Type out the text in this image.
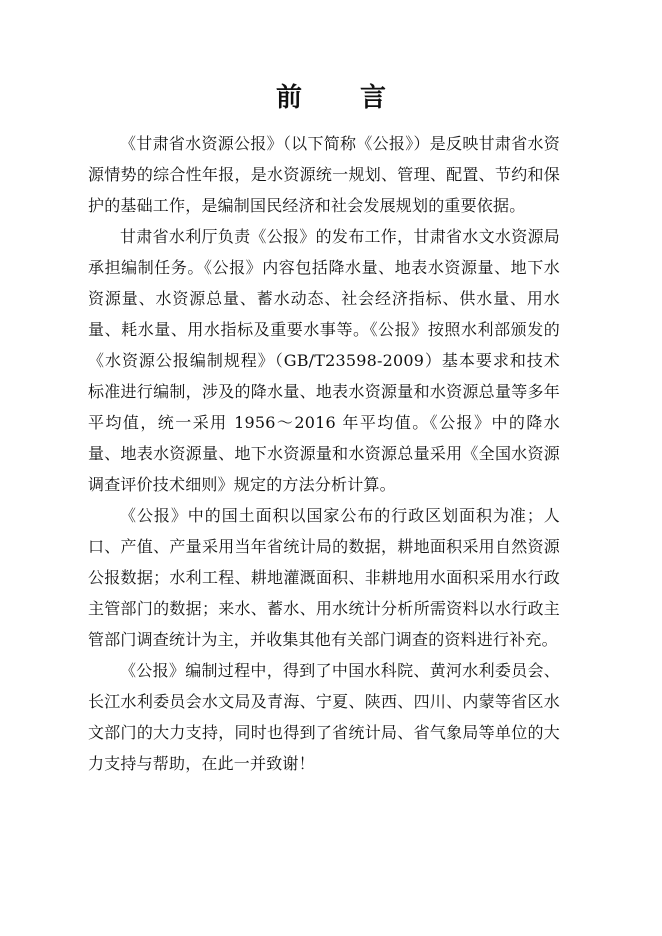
前言

《甘肃省水资源公报》（以下简称《公报》）是反映甘肃省水资源情势的综合性年报，是水资源统一规划、管理、配置、节约和保护的基础工作，是编制国民经济和社会发展规划的重要依据。

甘肃省水利厅负责《公报》的发布工作，甘肃省水文水资源局承担编制任务。《公报》内容包括降水量、地表水资源量、地下水资源量、水资源总量、蓄水动态、社会经济指标、供水量、用水量、耗水量、用水指标及重要水事等。《公报》按照水利部颁发的《水资源公报编制规程》（GB/T23598-2009）基本要求和技术标准进行编制，涉及的降水量、地表水资源量和水资源总量等多年平均值，统一采用 1956～2016 年平均值。《公报》中的降水量、地表水资源量、地下水资源量和水资源总量采用《全国水资源调查评价技术细则》规定的方法分析计算。

《公报》中的国土面积以国家公布的行政区划面积为准；人口、产值、产量采用当年省统计局的数据，耕地面积采用自然资源公报数据；水利工程、耕地灌溉面积、非耕地用水面积采用水行政主管部门的数据；来水、蓄水、用水统计分析所需资料以水行政主管部门调查统计为主，并收集其他有关部门调查的资料进行补充。

《公报》编制过程中，得到了中国水科院、黄河水利委员会、长江水利委员会水文局及青海、宁夏、陕西、四川、内蒙等省区水文部门的大力支持，同时也得到了省统计局、省气象局等单位的大力支持与帮助，在此一并致谢！
